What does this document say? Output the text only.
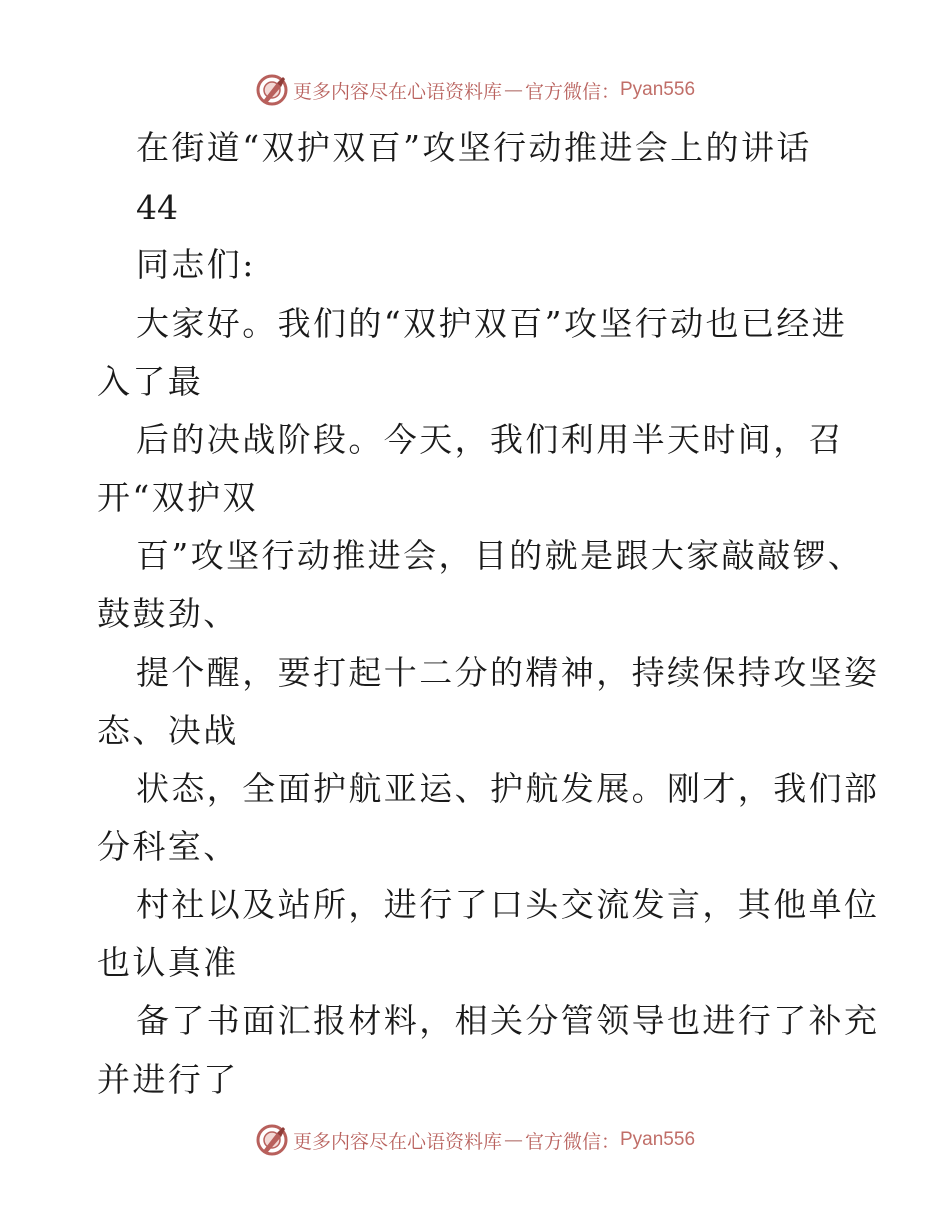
更多内容尽在心语资料库 — 官方微信： Pyan556
在街道“双护双百”攻坚行动推进会上的讲话
44
同志们:
大家好。我们的“双护双百”攻坚行动也已经进
入了最
后的决战阶段。今天，我们利用半天时间，召
开“双护双
百”攻坚行动推进会，目的就是跟大家敲敲锣、
鼓鼓劲、
提个醒，要打起十二分的精神，持续保持攻坚姿
态、决战
状态，全面护航亚运、护航发展。刚才，我们部
分科室、
村社以及站所，进行了口头交流发言，其他单位
也认真准
备了书面汇报材料，相关分管领导也进行了补充
并进行了
更多内容尽在心语资料库 — 官方微信： Pyan556
